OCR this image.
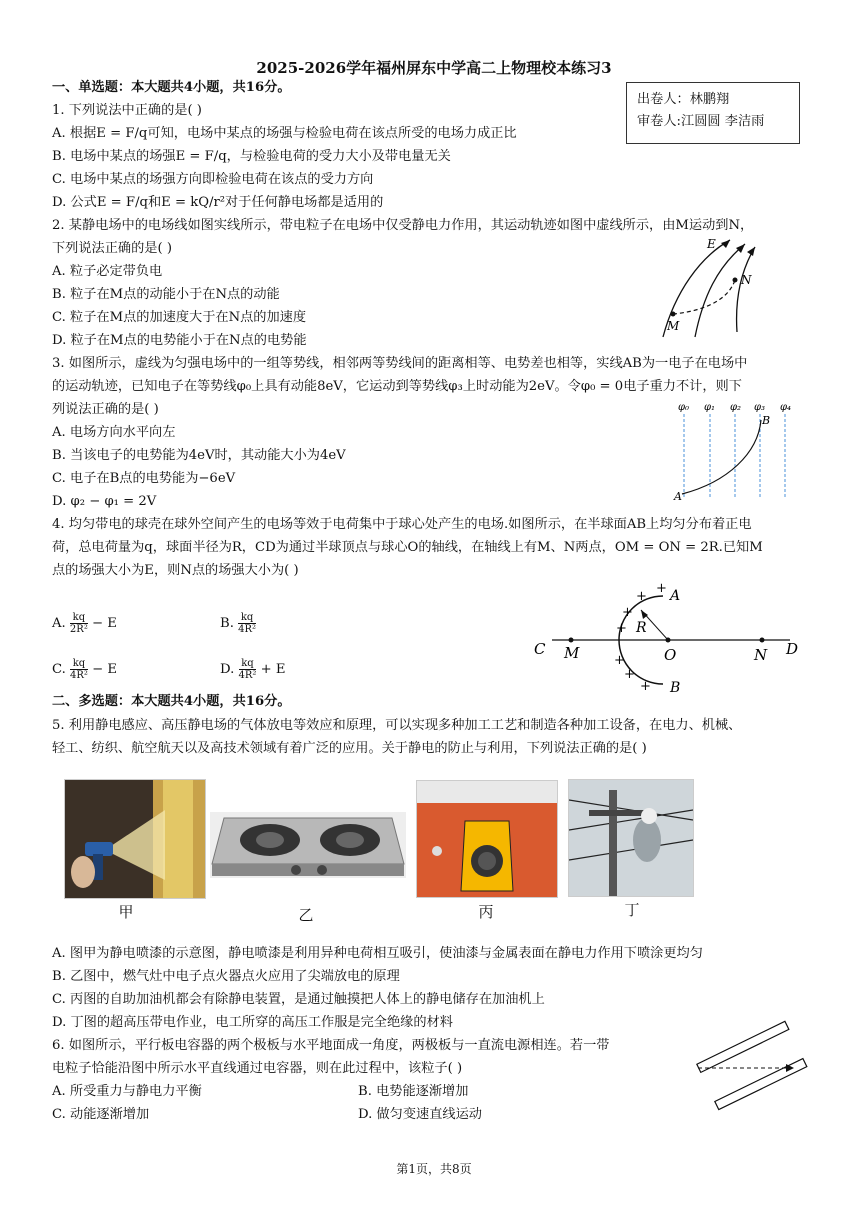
2025-2026学年福州屏东中学高二上物理校本练习3
出卷人：林鹏翔
审卷人:江圆圆 李洁雨
一、单选题：本大题共4小题，共16分。
1. 下列说法中正确的是( )
A. 根据E = F/q可知，电场中某点的场强与检验电荷在该点所受的电场力成正比
B. 电场中某点的场强E = F/q，与检验电荷的受力大小及带电量无关
C. 电场中某点的场强方向即检验电荷在该点的受力方向
D. 公式E = F/q和E = kQ/r²对于任何静电场都是适用的
2. 某静电场中的电场线如图实线所示，带电粒子在电场中仅受静电力作用，其运动轨迹如图中虚线所示，由M运动到N，
下列说法正确的是( )
A. 粒子必定带负电
B. 粒子在M点的动能小于在N点的动能
C. 粒子在M点的加速度大于在N点的加速度
D. 粒子在M点的电势能小于在N点的电势能
E
M
N
3. 如图所示，虚线为匀强电场中的一组等势线，相邻两等势线间的距离相等、电势差也相等，实线AB为一电子在电场中
的运动轨迹，已知电子在等势线φ₀上具有动能8eV，它运动到等势线φ₃上时动能为2eV。令φ₀ = 0电子重力不计，则下
列说法正确的是( )
A. 电场方向水平向左
B. 当该电子的电势能为4eV时，其动能大小为4eV
C. 电子在B点的电势能为−6eV
D. φ₂ − φ₁ = 2V
φ₀ φ₁ φ₂ φ₃ φ₄
A
B
4. 均匀带电的球壳在球外空间产生的电场等效于电荷集中于球心处产生的电场.如图所示，在半球面AB上均匀分布着正电
荷，总电荷量为q，球面半径为R，CD为通过半球顶点与球心O的轴线，在轴线上有M、N两点，OM = ON = 2R.已知M
点的场强大小为E，则N点的场强大小为( )
A. $\frac{kq}{\text{2R²}} - E$	B. $\frac{kq}{\text{4R²}}$
C. $\frac{kq}{\text{4R²}} - E$	D. $\frac{kq}{\text{4R²}} + E$
C M	O	N D
A
B
R
+
+
+
+
+
+
+
二、多选题：本大题共4小题，共16分。
5. 利用静电感应、高压静电场的气体放电等效应和原理，可以实现多种加工工艺和制造各种加工设备，在电力、机械、
轻工、纺织、航空航天以及高技术领域有着广泛的应用。关于静电的防止与利用，下列说法正确的是( )
甲	乙	丙	丁
A. 图甲为静电喷漆的示意图，静电喷漆是利用异种电荷相互吸引，使油漆与金属表面在静电力作用下喷涂更均匀
B. 乙图中，燃气灶中电子点火器点火应用了尖端放电的原理
C. 丙图的自助加油机都会有除静电装置，是通过触摸把人体上的静电储存在加油机上
D. 丁图的超高压带电作业，电工所穿的高压工作服是完全绝缘的材料
6. 如图所示，平行板电容器的两个极板与水平地面成一角度，两极板与一直流电源相连。若一带
电粒子恰能沿图中所示水平直线通过电容器，则在此过程中，该粒子( )
A. 所受重力与静电力平衡	B. 电势能逐渐增加
C. 动能逐渐增加	D. 做匀变速直线运动
第1页，共8页
